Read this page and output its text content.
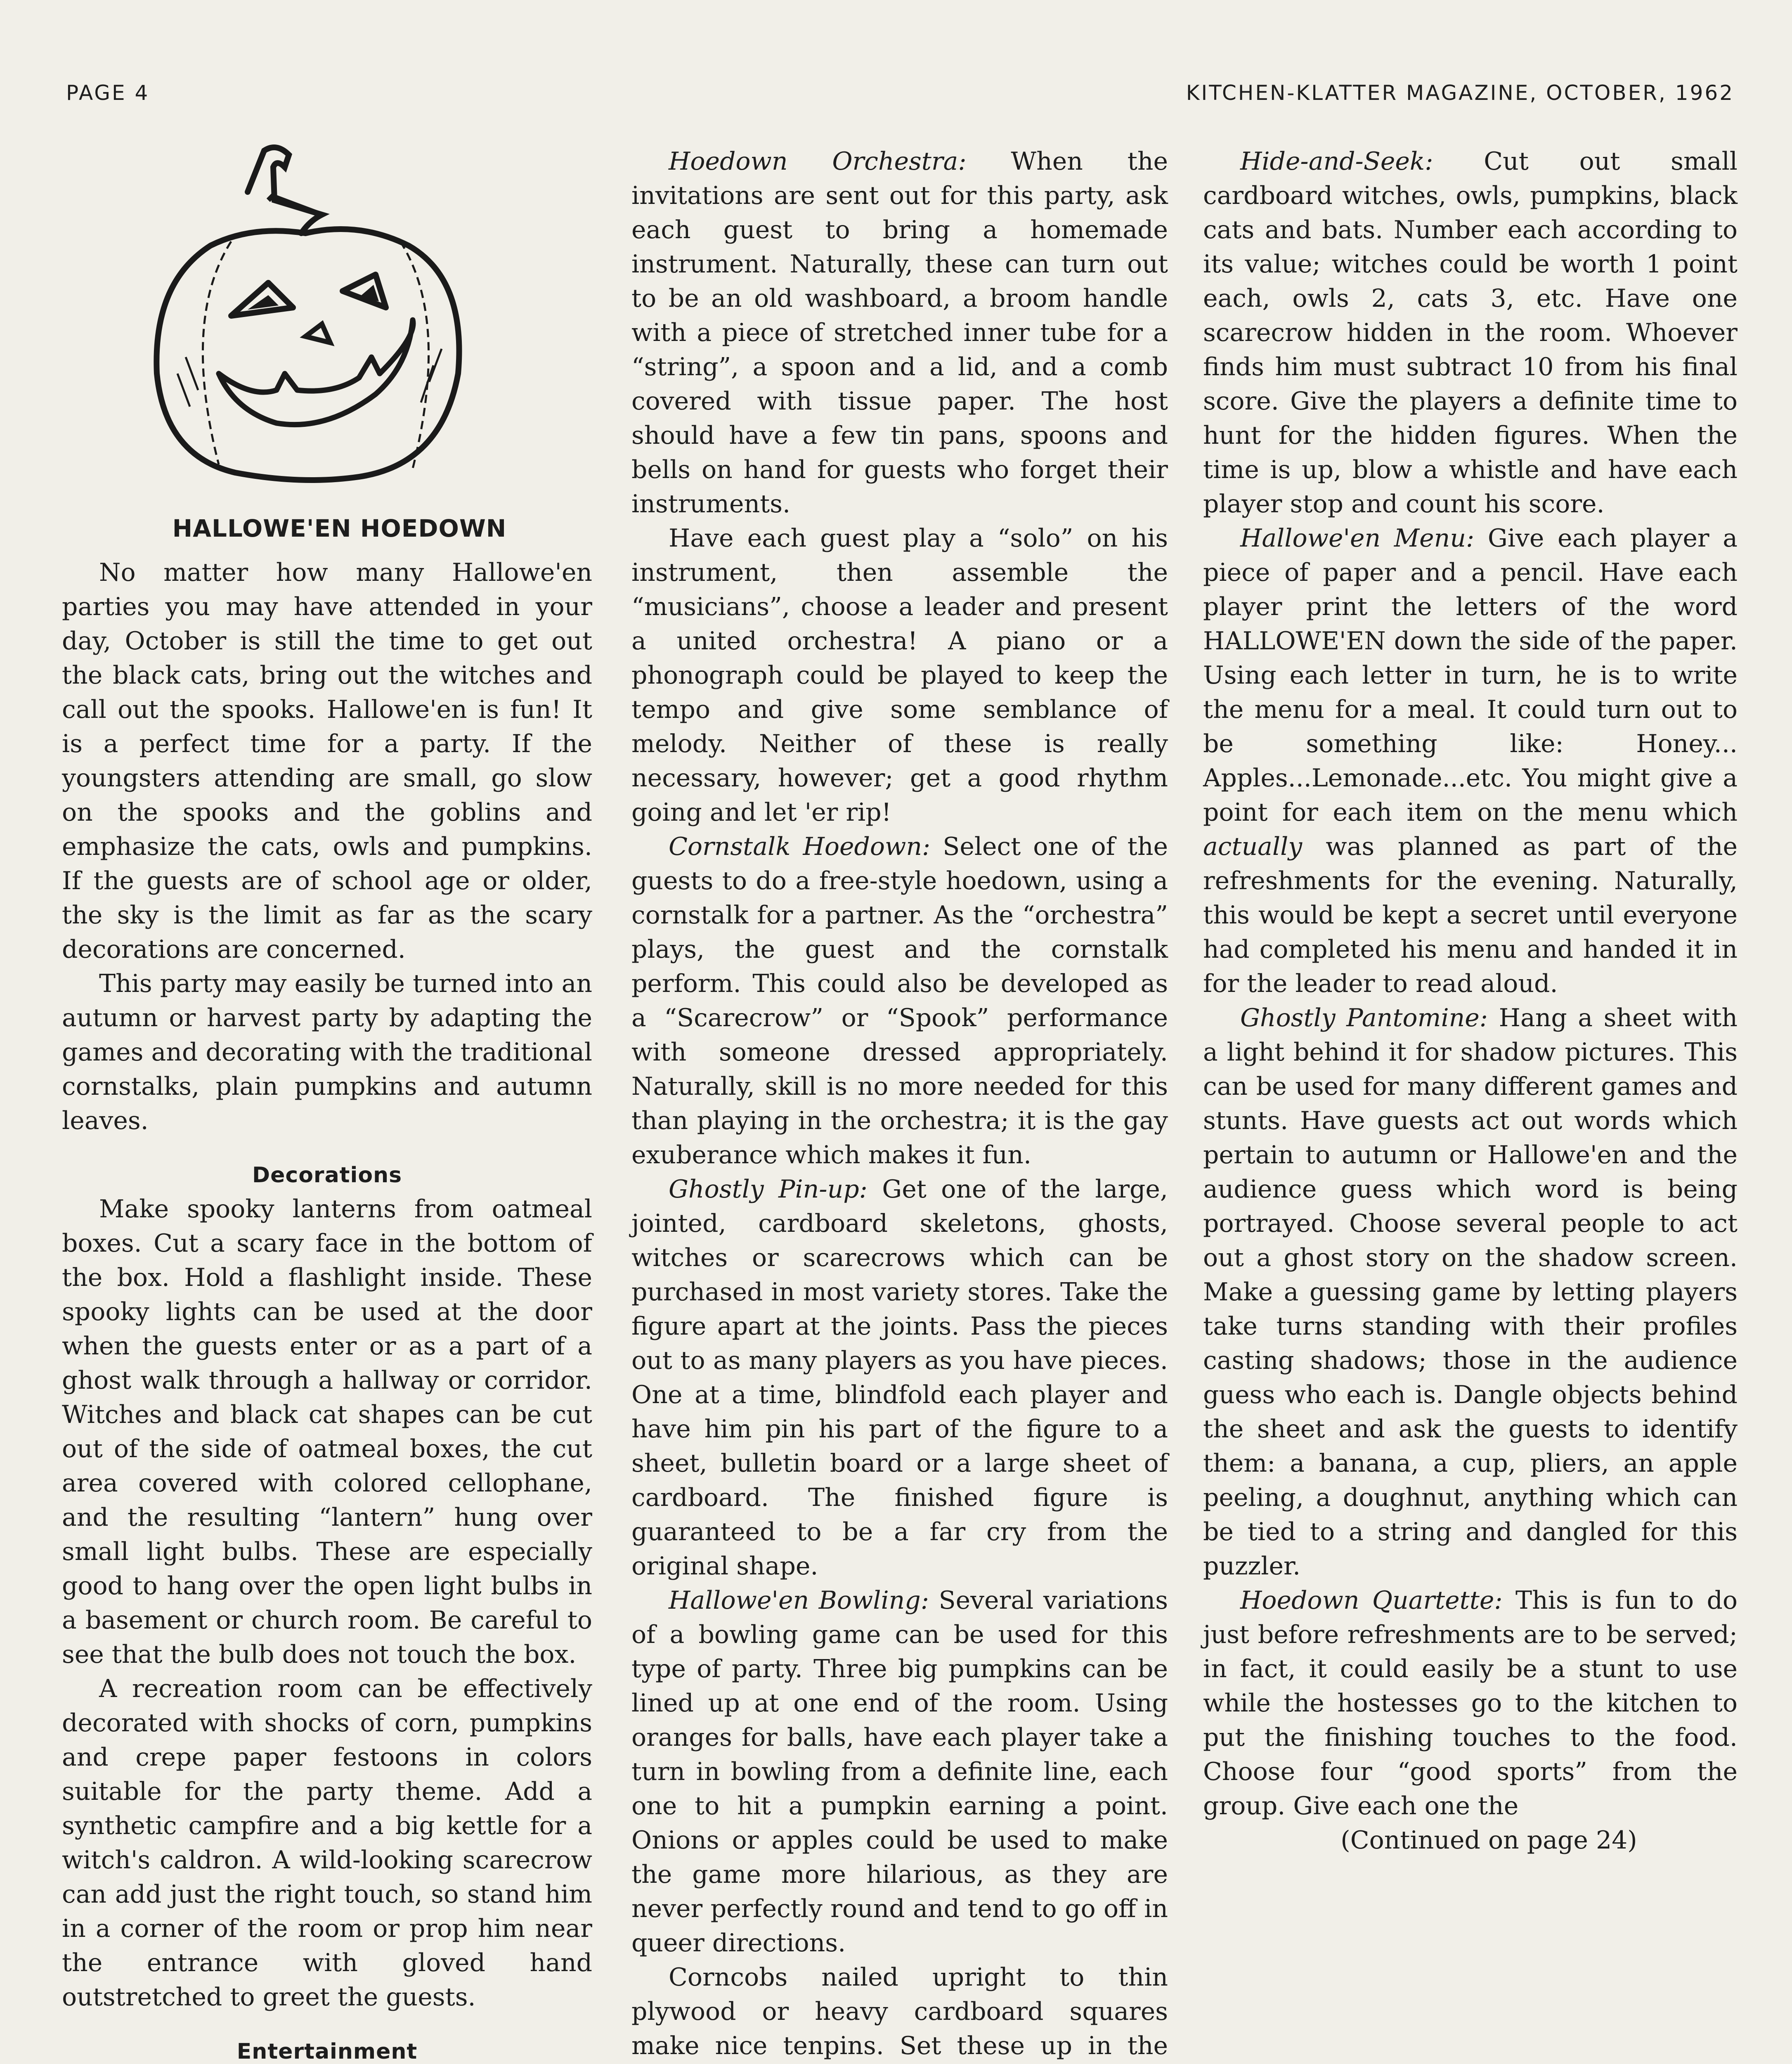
PAGE 4	KITCHEN-KLATTER MAGAZINE, OCTOBER, 1962
HALLOWE'EN HOEDOWN

No matter how many Hallowe'en parties you may have attended in your day, October is still the time to get out the black cats, bring out the witches and call out the spooks. Hallowe'en is fun! It is a perfect time for a party. If the youngsters attending are small, go slow on the spooks and the goblins and emphasize the cats, owls and pumpkins. If the guests are of school age or older, the sky is the limit as far as the scary decorations are concerned.

This party may easily be turned into an autumn or harvest party by adapting the games and decorating with the traditional cornstalks, plain pumpkins and autumn leaves.

Decorations

Make spooky lanterns from oatmeal boxes. Cut a scary face in the bottom of the box. Hold a flashlight inside. These spooky lights can be used at the door when the guests enter or as a part of a ghost walk through a hallway or corridor. Witches and black cat shapes can be cut out of the side of oatmeal boxes, the cut area covered with colored cellophane, and the resulting “lantern” hung over small light bulbs. These are especially good to hang over the open light bulbs in a basement or church room. Be careful to see that the bulb does not touch the box.

A recreation room can be effectively decorated with shocks of corn, pumpkins and crepe paper festoons in colors suitable for the party theme. Add a synthetic campfire and a big kettle for a witch's caldron. A wild-looking scarecrow can add just the right touch, so stand him in a corner of the room or prop him near the entrance with gloved hand outstretched to greet the guests.

Entertainment

Hoedown Orchestra: When the invitations are sent out for this party, ask each guest to bring a homemade instrument. Naturally, these can turn out to be an old washboard, a broom handle with a piece of stretched inner tube for a “string”, a spoon and a lid, and a comb covered with tissue paper. The host should have a few tin pans, spoons and bells on hand for guests who forget their instruments.

Have each guest play a “solo” on his instrument, then assemble the “musicians”, choose a leader and present a united orchestra! A piano or a phonograph could be played to keep the tempo and give some semblance of melody. Neither of these is really necessary, however; get a good rhythm going and let 'er rip!

Cornstalk Hoedown: Select one of the guests to do a free-style hoedown, using a cornstalk for a partner. As the “orchestra” plays, the guest and the cornstalk perform. This could also be developed as a “Scarecrow” or “Spook” performance with someone dressed appropriately. Naturally, skill is no more needed for this than playing in the orchestra; it is the gay exuberance which makes it fun.

Ghostly Pin-up: Get one of the large, jointed, cardboard skeletons, ghosts, witches or scarecrows which can be purchased in most variety stores. Take the figure apart at the joints. Pass the pieces out to as many players as you have pieces. One at a time, blindfold each player and have him pin his part of the figure to a sheet, bulletin board or a large sheet of cardboard. The finished figure is guaranteed to be a far cry from the original shape.

Hallowe'en Bowling: Several variations of a bowling game can be used for this type of party. Three big pumpkins can be lined up at one end of the room. Using oranges for balls, have each player take a turn in bowling from a definite line, each one to hit a pumpkin earning a point. Onions or apples could be used to make the game more hilarious, as they are never perfectly round and tend to go off in queer directions.

Corncobs nailed upright to thin plywood or heavy cardboard squares make nice tenpins. Set these up in the

Hide-and-Seek: Cut out small cardboard witches, owls, pumpkins, black cats and bats. Number each according to its value; witches could be worth 1 point each, owls 2, cats 3, etc. Have one scarecrow hidden in the room. Whoever finds him must subtract 10 from his final score. Give the players a definite time to hunt for the hidden figures. When the time is up, blow a whistle and have each player stop and count his score.

Hallowe'en Menu: Give each player a piece of paper and a pencil. Have each player print the letters of the word HALLOWE'EN down the side of the paper. Using each letter in turn, he is to write the menu for a meal. It could turn out to be something like: Honey... Apples...Lemonade...etc. You might give a point for each item on the menu which actually was planned as part of the refreshments for the evening. Naturally, this would be kept a secret until everyone had completed his menu and handed it in for the leader to read aloud.

Ghostly Pantomine: Hang a sheet with a light behind it for shadow pictures. This can be used for many different games and stunts. Have guests act out words which pertain to autumn or Hallowe'en and the audience guess which word is being portrayed. Choose several people to act out a ghost story on the shadow screen. Make a guessing game by letting players take turns standing with their profiles casting shadows; those in the audience guess who each is. Dangle objects behind the sheet and ask the guests to identify them: a banana, a cup, pliers, an apple peeling, a doughnut, anything which can be tied to a string and dangled for this puzzler.

Hoedown Quartette: This is fun to do just before refreshments are to be served; in fact, it could easily be a stunt to use while the hostesses go to the kitchen to put the finishing touches to the food. Choose four “good sports” from the group. Give each one the

(Continued on page 24)
